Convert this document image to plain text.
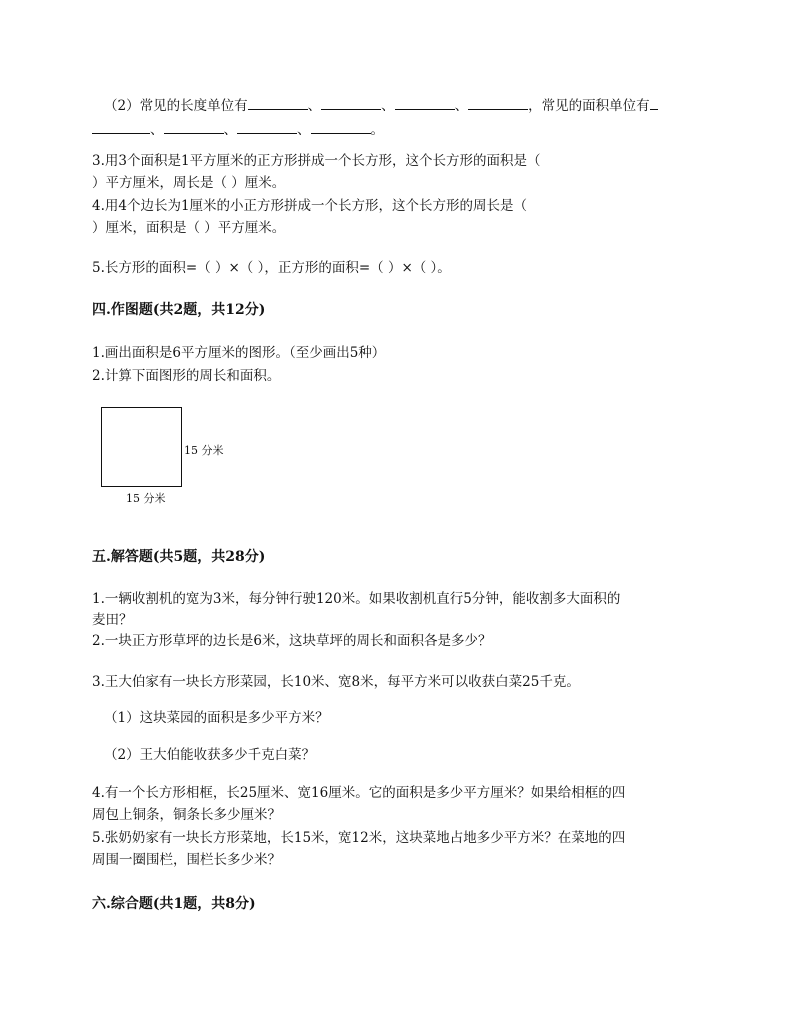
（2）常见的长度单位有	、	、	、	，常见的面积单位有
、	、	、	。
3.用3个面积是1平方厘米的正方形拼成一个长方形，这个长方形的面积是（
）平方厘米，周长是（ ）厘米。
4.用4个边长为1厘米的小正方形拼成一个长方形，这个长方形的周长是（
）厘米，面积是（ ）平方厘米。
5.长方形的面积=（ ）×（ ），正方形的面积=（ ）×（ ）。
四.作图题(共2题，共12分)
1.画出面积是6平方厘米的图形。（至少画出5种）
2.计算下面图形的周长和面积。
15 分米
15 分米
五.解答题(共5题，共28分)
1.一辆收割机的宽为3米，每分钟行驶120米。如果收割机直行5分钟，能收割多大面积的
麦田？
2.一块正方形草坪的边长是6米，这块草坪的周长和面积各是多少？
3.王大伯家有一块长方形菜园，长10米、宽8米，每平方米可以收获白菜25千克。
（1）这块菜园的面积是多少平方米？
（2）王大伯能收获多少千克白菜？
4.有一个长方形相框，长25厘米、宽16厘米。它的面积是多少平方厘米？如果给相框的四
周包上铜条，铜条长多少厘米？
5.张奶奶家有一块长方形菜地，长15米，宽12米，这块菜地占地多少平方米？在菜地的四
周围一圈围栏，围栏长多少米？
六.综合题(共1题，共8分)
